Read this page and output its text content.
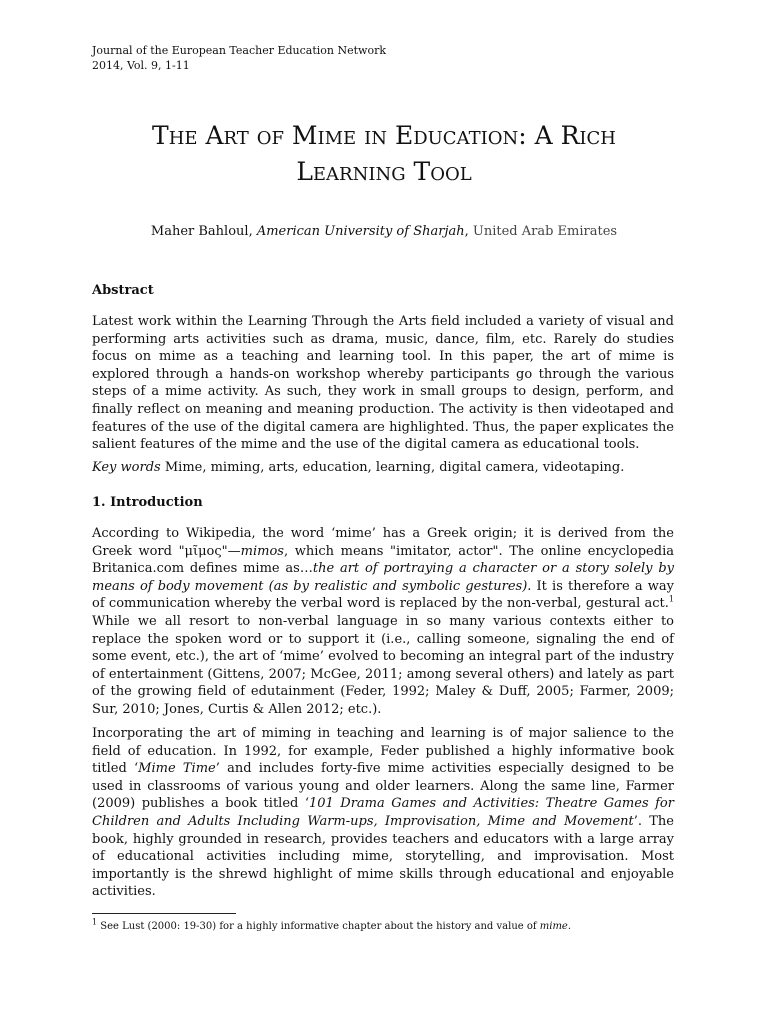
Journal of the European Teacher Education Network
2014, Vol. 9, 1-11
The Art of Mime in Education: A Rich
Learning Tool
Maher Bahloul, American University of Sharjah, United Arab Emirates
Abstract
Latest work within the Learning Through the Arts field included a variety of visual and performing arts activities such as drama, music, dance, film, etc. Rarely do studies focus on mime as a teaching and learning tool. In this paper, the art of mime is explored through a hands-on workshop whereby participants go through the various steps of a mime activity. As such, they work in small groups to design, perform, and finally reflect on meaning and meaning production. The activity is then videotaped and features of the use of the digital camera are highlighted. Thus, the paper explicates the salient features of the mime and the use of the digital camera as educational tools.
Key words Mime, miming, arts, education, learning, digital camera, videotaping.
1. Introduction
According to Wikipedia, the word ‘mime’ has a Greek origin; it is derived from the Greek word "μῖμος"—mimos, which means "imitator, actor". The online encyclopedia Britanica.com defines mime as…the art of portraying a character or a story solely by means of body movement (as by realistic and symbolic gestures). It is therefore a way of communication whereby the verbal word is replaced by the non-verbal, gestural act.$^1$ While we all resort to non-verbal language in so many various contexts either to replace the spoken word or to support it (i.e., calling someone, signaling the end of some event, etc.), the art of ‘mime’ evolved to becoming an integral part of the industry of entertainment (Gittens, 2007; McGee, 2011; among several others) and lately as part of the growing field of edutainment (Feder, 1992; Maley & Duff, 2005; Farmer, 2009; Sur, 2010; Jones, Curtis & Allen 2012; etc.).
Incorporating the art of miming in teaching and learning is of major salience to the field of education. In 1992, for example, Feder published a highly informative book titled ‘Mime Time’ and includes forty-five mime activities especially designed to be used in classrooms of various young and older learners. Along the same line, Farmer (2009) publishes a book titled ‘101 Drama Games and Activities: Theatre Games for Children and Adults Including Warm-ups, Improvisation, Mime and Movement’. The book, highly grounded in research, provides teachers and educators with a large array of educational activities including mime, storytelling, and improvisation. Most importantly is the shrewd highlight of mime skills through educational and enjoyable activities.
$^1$ See Lust (2000: 19-30) for a highly informative chapter about the history and value of mime.
